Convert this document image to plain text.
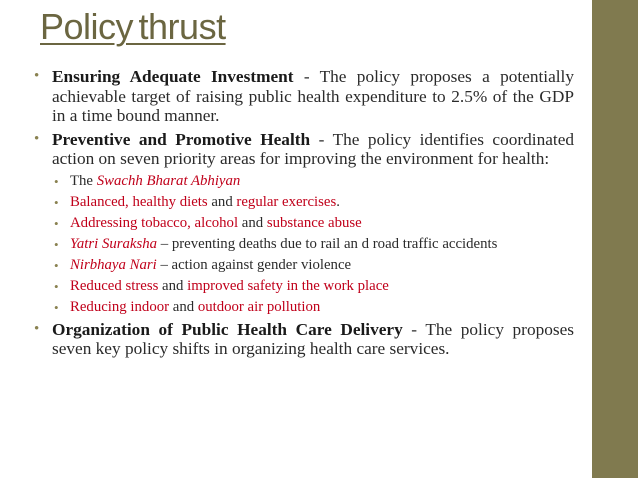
Policy thrust
• Ensuring Adequate Investment - The policy proposes a potentially achievable target of raising public health expenditure to 2.5% of the GDP in a time bound manner.
• Preventive and Promotive Health - The policy identifies coordinated action on seven priority areas for improving the environment for health:
• The Swachh Bharat Abhiyan
• Balanced, healthy diets and regular exercises.
• Addressing tobacco, alcohol and substance abuse
• Yatri Suraksha – preventing deaths due to rail an d road traffic accidents
• Nirbhaya Nari – action against gender violence
• Reduced stress and improved safety in the work place
• Reducing indoor and outdoor air pollution
• Organization of Public Health Care Delivery - The policy proposes seven key policy shifts in organizing health care services.
